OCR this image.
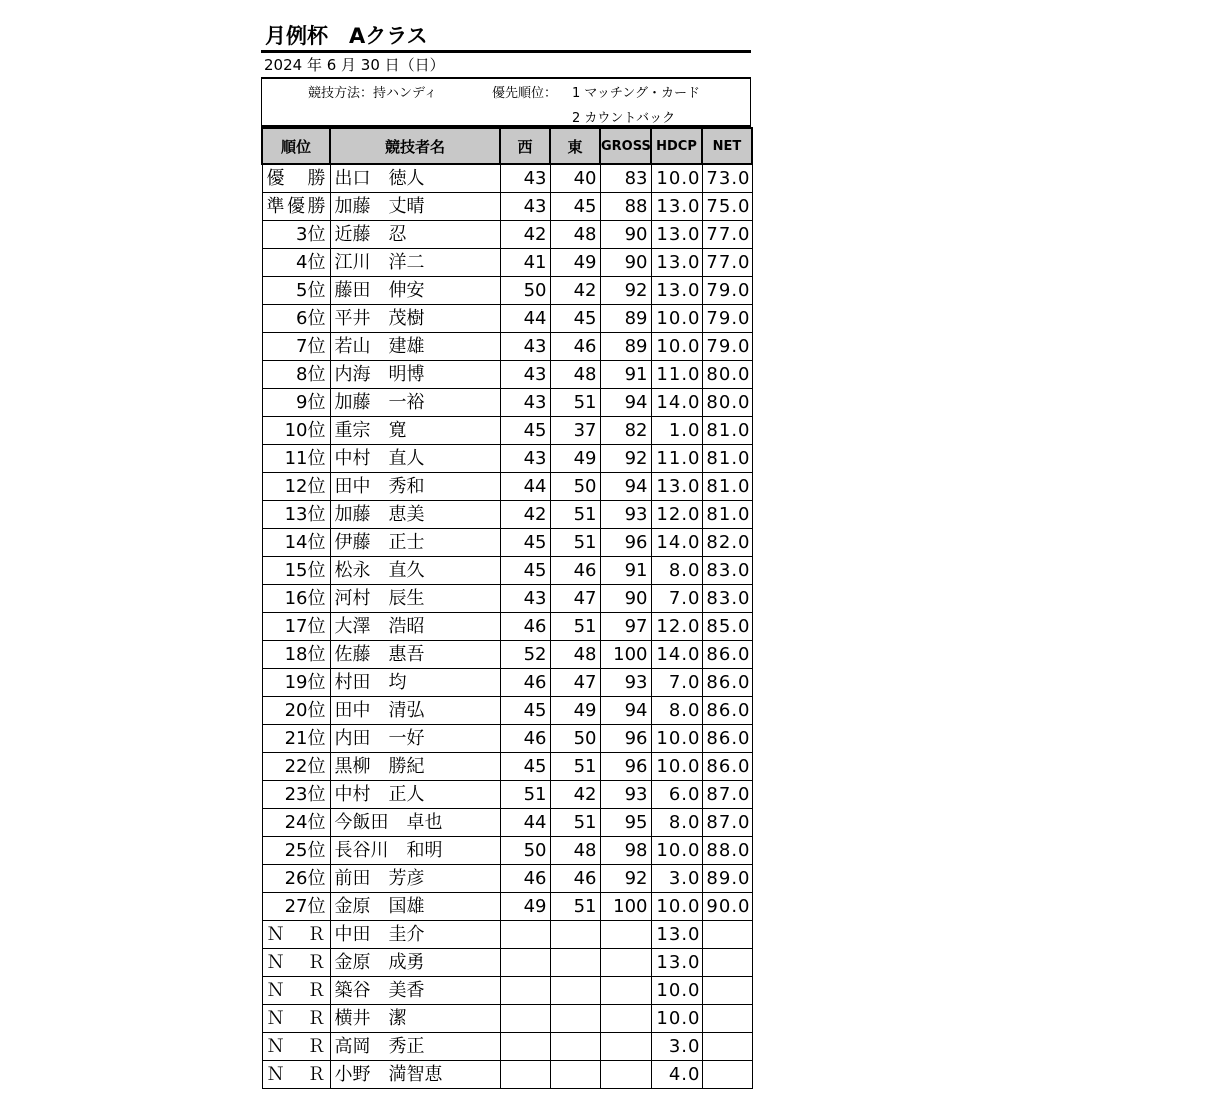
月例杯　Aクラス
2024 年 6 月 30 日（日）
競技方法：持ハンディ	優先順位： 1 マッチング・カード
2 カウントバック
順位	競技者名	西	東	GROSS	HDCP	NET
優　勝	出口　徳人	43	40	83	10.0	73.0
準優勝	加藤　丈晴	43	45	88	13.0	75.0
3位	近藤　忍	42	48	90	13.0	77.0
4位	江川　洋二	41	49	90	13.0	77.0
5位	藤田　伸安	50	42	92	13.0	79.0
6位	平井　茂樹	44	45	89	10.0	79.0
7位	若山　建雄	43	46	89	10.0	79.0
8位	内海　明博	43	48	91	11.0	80.0
9位	加藤　一裕	43	51	94	14.0	80.0
10位	重宗　寛	45	37	82	1.0	81.0
11位	中村　直人	43	49	92	11.0	81.0
12位	田中　秀和	44	50	94	13.0	81.0
13位	加藤　恵美	42	51	93	12.0	81.0
14位	伊藤　正士	45	51	96	14.0	82.0
15位	松永　直久	45	46	91	8.0	83.0
16位	河村　辰生	43	47	90	7.0	83.0
17位	大澤　浩昭	46	51	97	12.0	85.0
18位	佐藤　惠吾	52	48	100	14.0	86.0
19位	村田　均	46	47	93	7.0	86.0
20位	田中　清弘	45	49	94	8.0	86.0
21位	内田　一好	46	50	96	10.0	86.0
22位	黒柳　勝紀	45	51	96	10.0	86.0
23位	中村　正人	51	42	93	6.0	87.0
24位	今飯田　卓也	44	51	95	8.0	87.0
25位	長谷川　和明	50	48	98	10.0	88.0
26位	前田　芳彦	46	46	92	3.0	89.0
27位	金原　国雄	49	51	100	10.0	90.0
Ｎ　Ｒ	中田　圭介				13.0	
Ｎ　Ｒ	金原　成勇				13.0	
Ｎ　Ｒ	築谷　美香				10.0	
Ｎ　Ｒ	横井　潔				10.0	
Ｎ　Ｒ	高岡　秀正				3.0	
Ｎ　Ｒ	小野　満智恵				4.0	
